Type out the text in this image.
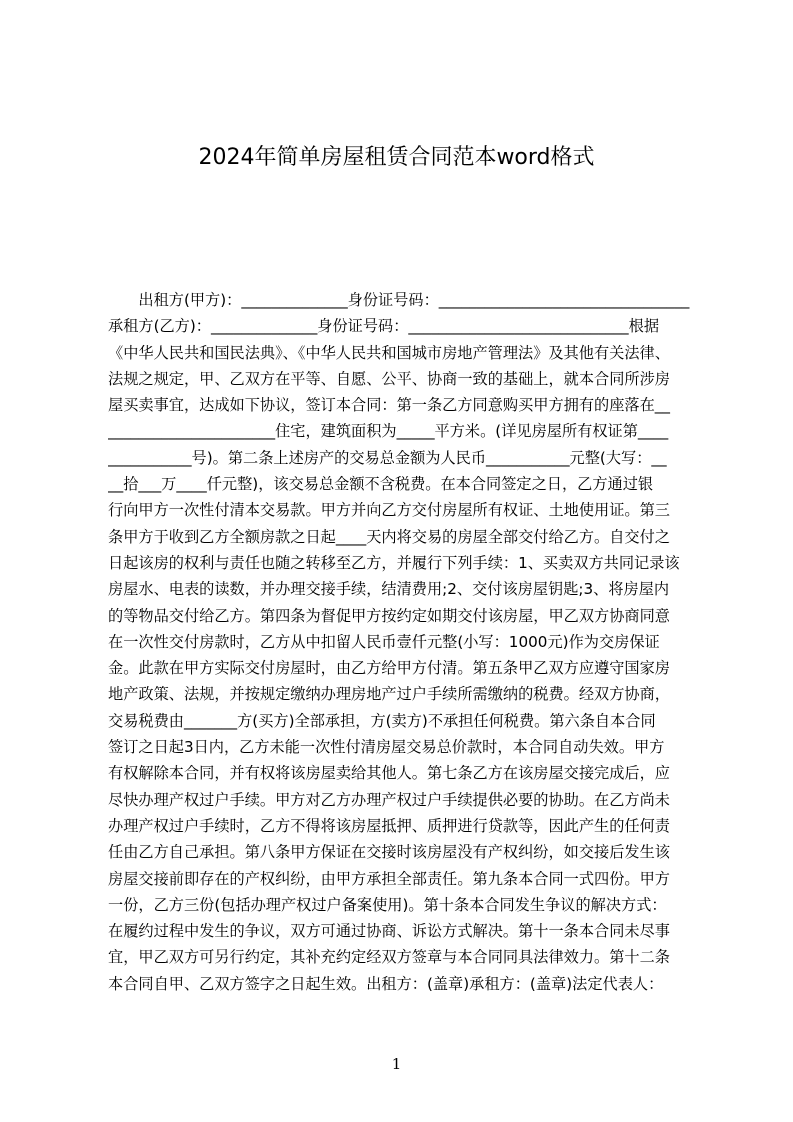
2024年简单房屋租赁合同范本word格式
　　出租方(甲方)：______________身份证号码：_________________________________
承租方(乙方)：______________身份证号码：_____________________________根据
《中华人民共和国民法典》、《中华人民共和国城市房地产管理法》及其他有关法律、
法规之规定，甲、乙双方在平等、自愿、公平、协商一致的基础上，就本合同所涉房
屋买卖事宜，达成如下协议，签订本合同：第一条乙方同意购买甲方拥有的座落在__
______________________住宅，建筑面积为_____平方米。(详见房屋所有权证第____
___________号)。第二条上述房产的交易总金额为人民币___________元整(大写：__
__拾___万____仟元整)，该交易总金额不含税费。在本合同签定之日，乙方通过银
行向甲方一次性付清本交易款。甲方并向乙方交付房屋所有权证、土地使用证。第三
条甲方于收到乙方全额房款之日起____天内将交易的房屋全部交付给乙方。自交付之
日起该房的权利与责任也随之转移至乙方，并履行下列手续：1、买卖双方共同记录该
房屋水、电表的读数，并办理交接手续，结清费用;2、交付该房屋钥匙;3、将房屋内
的等物品交付给乙方。第四条为督促甲方按约定如期交付该房屋，甲乙双方协商同意
在一次性交付房款时，乙方从中扣留人民币壹仟元整(小写：1000元)作为交房保证
金。此款在甲方实际交付房屋时，由乙方给甲方付清。第五条甲乙双方应遵守国家房
地产政策、法规，并按规定缴纳办理房地产过户手续所需缴纳的税费。经双方协商，
交易税费由_______方(买方)全部承担，方(卖方)不承担任何税费。第六条自本合同
签订之日起3日内，乙方未能一次性付清房屋交易总价款时，本合同自动失效。甲方
有权解除本合同，并有权将该房屋卖给其他人。第七条乙方在该房屋交接完成后，应
尽快办理产权过户手续。甲方对乙方办理产权过户手续提供必要的协助。在乙方尚未
办理产权过户手续时，乙方不得将该房屋抵押、质押进行贷款等，因此产生的任何责
任由乙方自己承担。第八条甲方保证在交接时该房屋没有产权纠纷，如交接后发生该
房屋交接前即存在的产权纠纷，由甲方承担全部责任。第九条本合同一式四份。甲方
一份，乙方三份(包括办理产权过户备案使用)。第十条本合同发生争议的解决方式：
在履约过程中发生的争议，双方可通过协商、诉讼方式解决。第十一条本合同未尽事
宜，甲乙双方可另行约定，其补充约定经双方签章与本合同同具法律效力。第十二条
本合同自甲、乙双方签字之日起生效。出租方：(盖章)承租方：(盖章)法定代表人：
1
